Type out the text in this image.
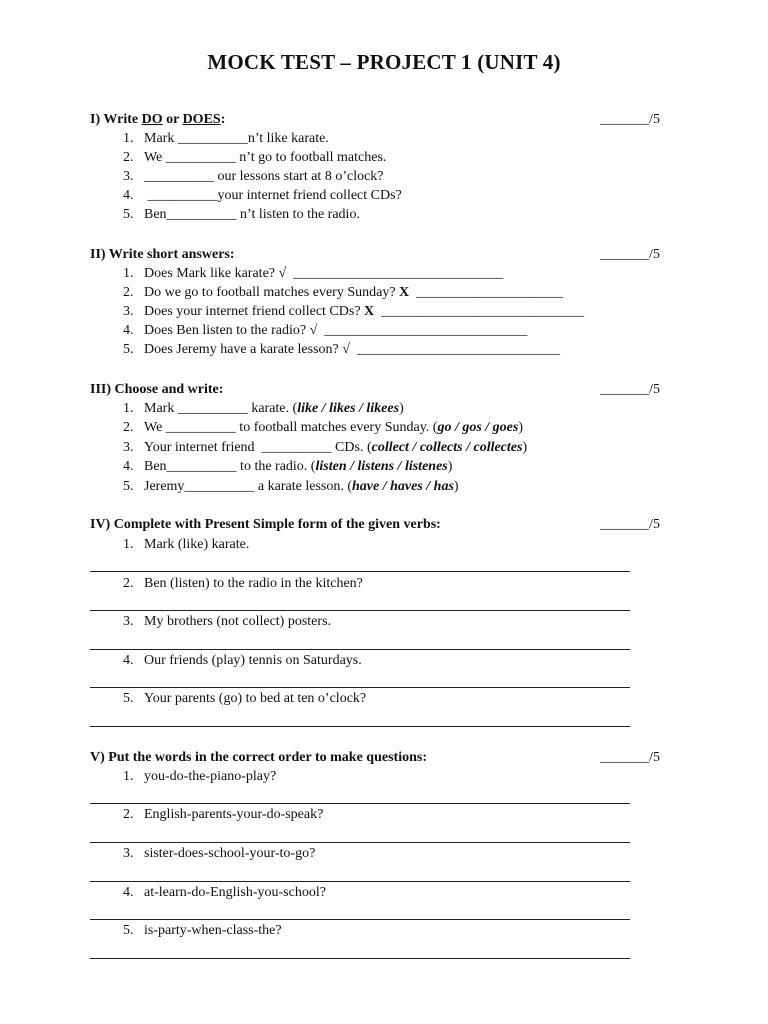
MOCK TEST – PROJECT 1 (UNIT 4)
I) Write DO or DOES:	_______/5
1. Mark __________n’t like karate.
2. We __________ n’t go to football matches.
3. __________ our lessons start at 8 o’clock?
4. __________your internet friend collect CDs?
5. Ben__________ n’t listen to the radio.
II) Write short answers:	_______/5
1. Does Mark like karate? √  ______________________________
2. Do we go to football matches every Sunday? X  _____________________
3. Does your internet friend collect CDs? X  _____________________________
4. Does Ben listen to the radio? √  _____________________________
5. Does Jeremy have a karate lesson? √  _____________________________
III) Choose and write:	_______/5
1. Mark __________ karate. (like / likes / likees)
2. We __________ to football matches every Sunday. (go / gos / goes)
3. Your internet friend  __________ CDs. (collect / collects / collectes)
4. Ben__________ to the radio. (listen / listens / listenes)
5. Jeremy__________ a karate lesson. (have / haves / has)
IV) Complete with Present Simple form of the given verbs:	_______/5
1. Mark (like) karate.
2. Ben (listen) to the radio in the kitchen?
3. My brothers (not collect) posters.
4. Our friends (play) tennis on Saturdays.
5. Your parents (go) to bed at ten o’clock?
V) Put the words in the correct order to make questions:	_______/5
1. you-do-the-piano-play?
2. English-parents-your-do-speak?
3. sister-does-school-your-to-go?
4. at-learn-do-English-you-school?
5. is-party-when-class-the?
